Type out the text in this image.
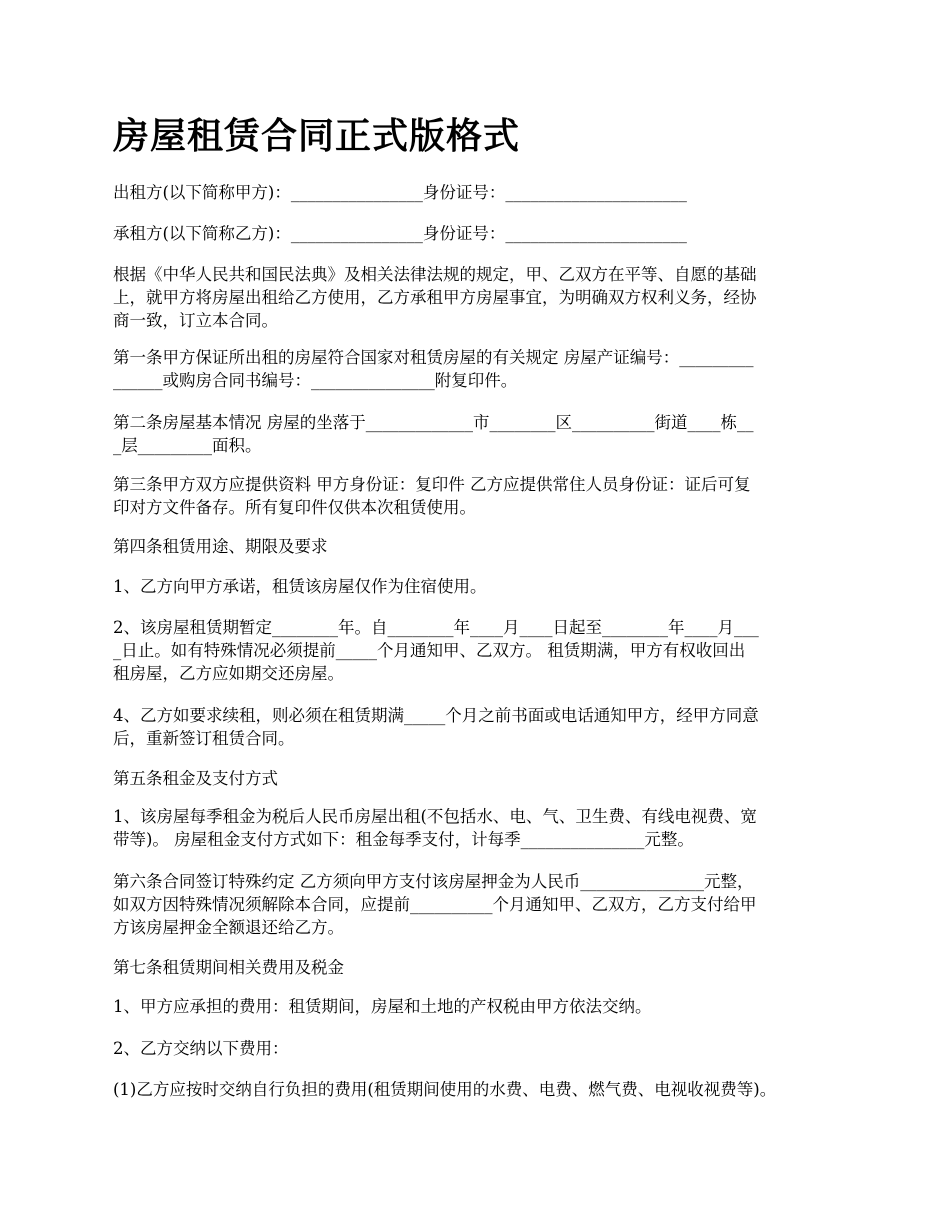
房屋租赁合同正式版格式

出租方(以下简称甲方)：________________身份证号：______________________

承租方(以下简称乙方)：________________身份证号：______________________

根据《中华人民共和国民法典》及相关法律法规的规定，甲、乙双方在平等、自愿的基础
上，就甲方将房屋出租给乙方使用，乙方承租甲方房屋事宜，为明确双方权利义务，经协
商一致，订立本合同。

第一条甲方保证所出租的房屋符合国家对租赁房屋的有关规定 房屋产证编号：_________
______或购房合同书编号：_______________附复印件。

第二条房屋基本情况 房屋的坐落于_____________市________区__________街道____栋__
_层_________面积。

第三条甲方双方应提供资料 甲方身份证：复印件 乙方应提供常住人员身份证：证后可复
印对方文件备存。所有复印件仅供本次租赁使用。

第四条租赁用途、期限及要求

1、乙方向甲方承诺，租赁该房屋仅作为住宿使用。

2、该房屋租赁期暂定________年。自________年____月____日起至________年____月___
_日止。如有特殊情况必须提前_____个月通知甲、乙双方。 租赁期满，甲方有权收回出
租房屋，乙方应如期交还房屋。

4、乙方如要求续租，则必须在租赁期满_____个月之前书面或电话通知甲方，经甲方同意
后，重新签订租赁合同。

第五条租金及支付方式

1、该房屋每季租金为税后人民币房屋出租(不包括水、电、气、卫生费、有线电视费、宽
带等)。 房屋租金支付方式如下：租金每季支付，计每季_______________元整。

第六条合同签订特殊约定 乙方须向甲方支付该房屋押金为人民币_______________元整，
如双方因特殊情况须解除本合同，应提前__________个月通知甲、乙双方，乙方支付给甲
方该房屋押金全额退还给乙方。

第七条租赁期间相关费用及税金

1、甲方应承担的费用：租赁期间，房屋和土地的产权税由甲方依法交纳。

2、乙方交纳以下费用：

(1)乙方应按时交纳自行负担的费用(租赁期间使用的水费、电费、燃气费、电视收视费等)。
